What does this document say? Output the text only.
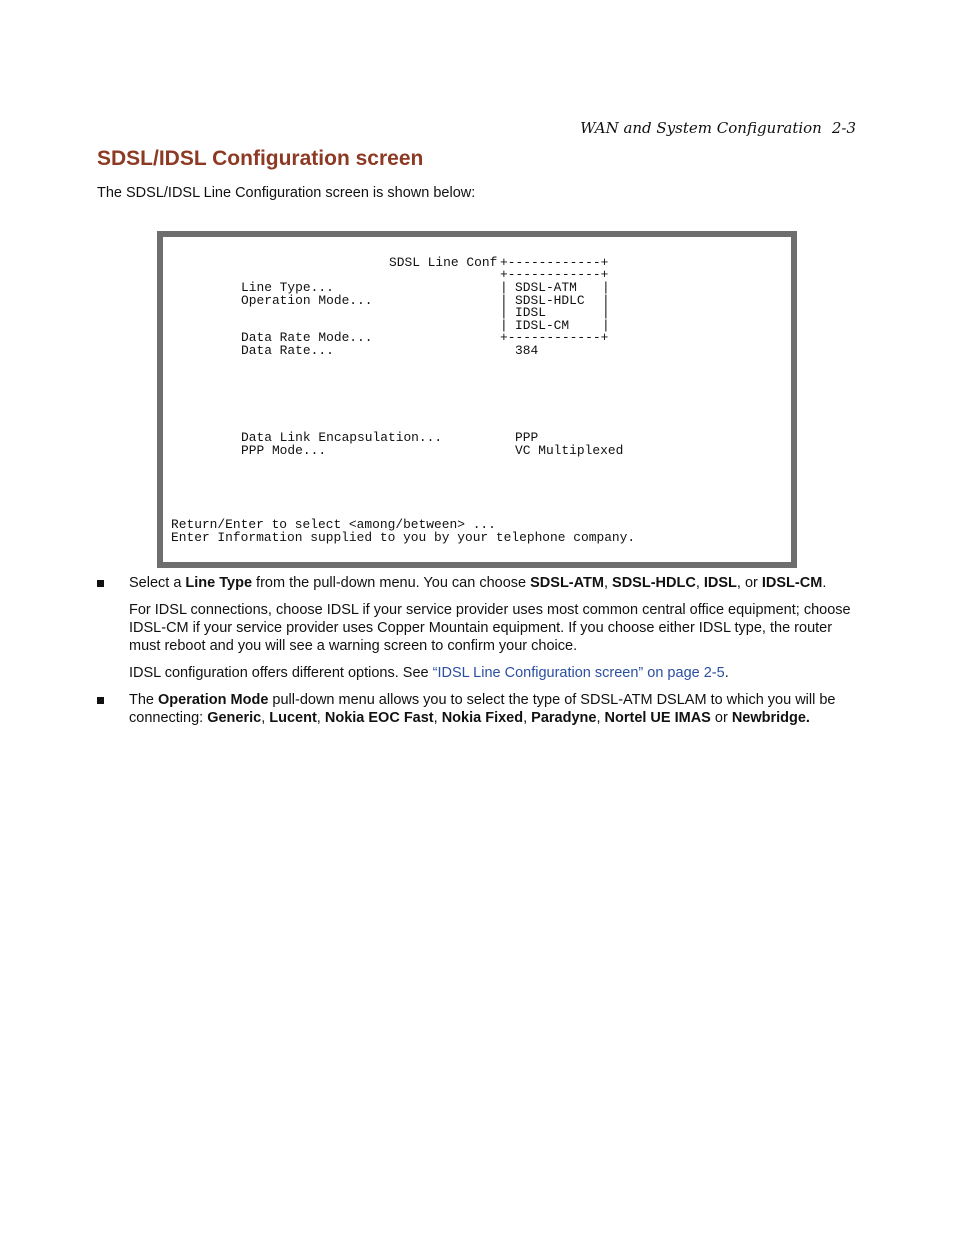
WAN and System Configuration 2-3
SDSL/IDSL Configuration screen

The SDSL/IDSL Line Configuration screen is shown below:

SDSL Line Conf +------------+
+------------+
|
|
|
|
|
|
|
|
SDSL-ATM
SDSL-HDLC
IDSL
IDSL-CM
+------------+
Line Type...
Operation Mode...
Data Rate Mode...
Data Rate...	384
Data Link Encapsulation...	PPP
PPP Mode...	VC Multiplexed
Return/Enter to select <among/between> ...
Enter Information supplied to you by your telephone company.

Select a Line Type from the pull-down menu. You can choose SDSL-ATM, SDSL-HDLC, IDSL, or IDSL-CM.

For IDSL connections, choose IDSL if your service provider uses most common central office equipment; choose IDSL-CM if your service provider uses Copper Mountain equipment. If you choose either IDSL type, the router must reboot and you will see a warning screen to confirm your choice.

IDSL configuration offers different options. See “IDSL Line Configuration screen” on page 2-5.

The Operation Mode pull-down menu allows you to select the type of SDSL-ATM DSLAM to which you will be connecting: Generic, Lucent, Nokia EOC Fast, Nokia Fixed, Paradyne, Nortel UE IMAS or Newbridge.
